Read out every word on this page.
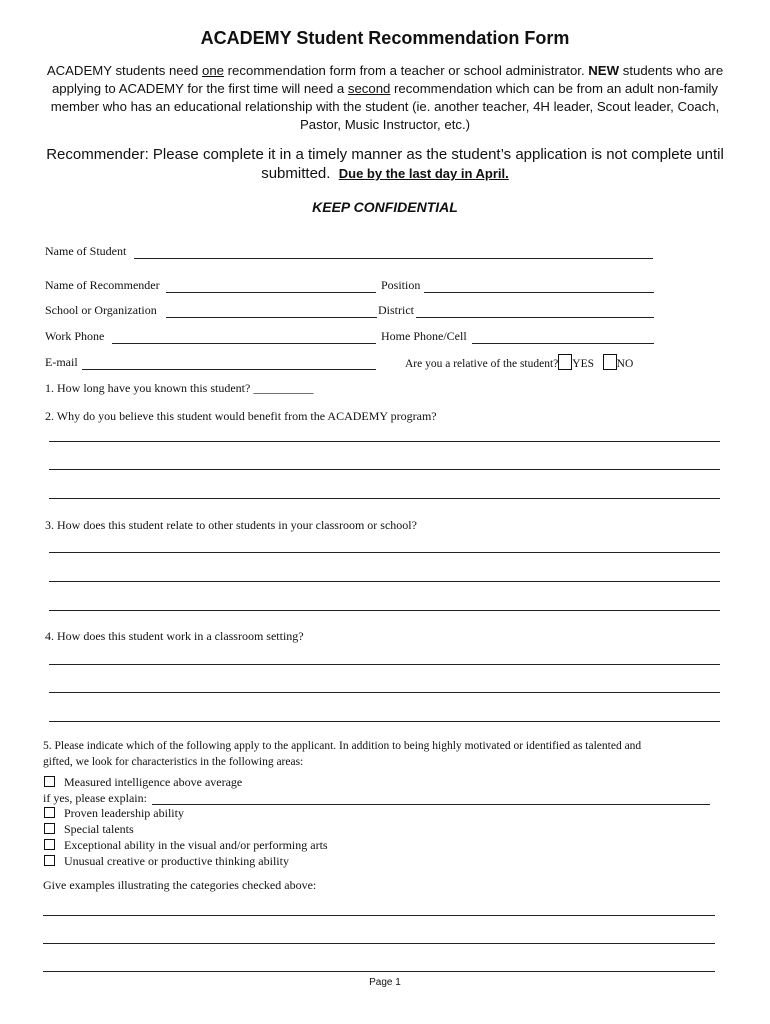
ACADEMY Student Recommendation Form
ACADEMY students need one recommendation form from a teacher or school administrator. NEW students who are applying to ACADEMY for the first time will need a second recommendation which can be from an adult non-family member who has an educational relationship with the student (ie. another teacher, 4H leader, Scout leader, Coach, Pastor, Music Instructor, etc.)
Recommender: Please complete it in a timely manner as the student’s application is not complete until submitted. Due by the last day in April.
KEEP CONFIDENTIAL
Name of Student
Name of Recommender	Position
School or Organization	District
Work Phone	Home Phone/Cell
E-mail	Are you a relative of the student? YES NO
1. How long have you known this student? __________
2. Why do you believe this student would benefit from the ACADEMY program?
3. How does this student relate to other students in your classroom or school?
4. How does this student work in a classroom setting?
5. Please indicate which of the following apply to the applicant. In addition to being highly motivated or identified as talented and
gifted, we look for characteristics in the following areas:
Measured intelligence above average
if yes, please explain:
Proven leadership ability
Special talents
Exceptional ability in the visual and/or performing arts
Unusual creative or productive thinking ability
Give examples illustrating the categories checked above:
Page 1
